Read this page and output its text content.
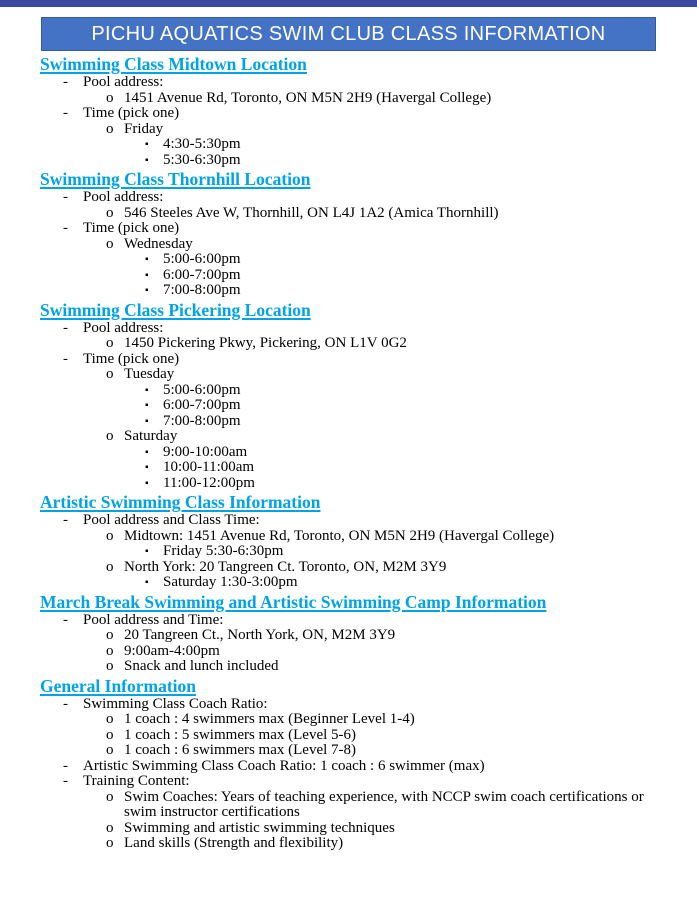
PICHU AQUATICS SWIM CLUB CLASS INFORMATION
Swimming Class Midtown Location
- Pool address:
o 1451 Avenue Rd, Toronto, ON M5N 2H9 (Havergal College)
- Time (pick one)
o Friday
▪ 4:30-5:30pm
▪ 5:30-6:30pm
Swimming Class Thornhill Location
- Pool address:
o 546 Steeles Ave W, Thornhill, ON L4J 1A2 (Amica Thornhill)
- Time (pick one)
o Wednesday
▪ 5:00-6:00pm
▪ 6:00-7:00pm
▪ 7:00-8:00pm
Swimming Class Pickering Location
- Pool address:
o 1450 Pickering Pkwy, Pickering, ON L1V 0G2
- Time (pick one)
o Tuesday
▪ 5:00-6:00pm
▪ 6:00-7:00pm
▪ 7:00-8:00pm
o Saturday
▪ 9:00-10:00am
▪ 10:00-11:00am
▪ 11:00-12:00pm
Artistic Swimming Class Information
- Pool address and Class Time:
o Midtown: 1451 Avenue Rd, Toronto, ON M5N 2H9 (Havergal College)
▪ Friday 5:30-6:30pm
o North York: 20 Tangreen Ct. Toronto, ON, M2M 3Y9
▪ Saturday 1:30-3:00pm
March Break Swimming and Artistic Swimming Camp Information
- Pool address and Time:
o 20 Tangreen Ct., North York, ON, M2M 3Y9
o 9:00am-4:00pm
o Snack and lunch included
General Information
- Swimming Class Coach Ratio:
o 1 coach : 4 swimmers max (Beginner Level 1-4)
o 1 coach : 5 swimmers max (Level 5-6)
o 1 coach : 6 swimmers max (Level 7-8)
- Artistic Swimming Class Coach Ratio: 1 coach : 6 swimmer (max)
- Training Content:
o Swim Coaches: Years of teaching experience, with NCCP swim coach certifications or swim instructor certifications
o Swimming and artistic swimming techniques
o Land skills (Strength and flexibility)
